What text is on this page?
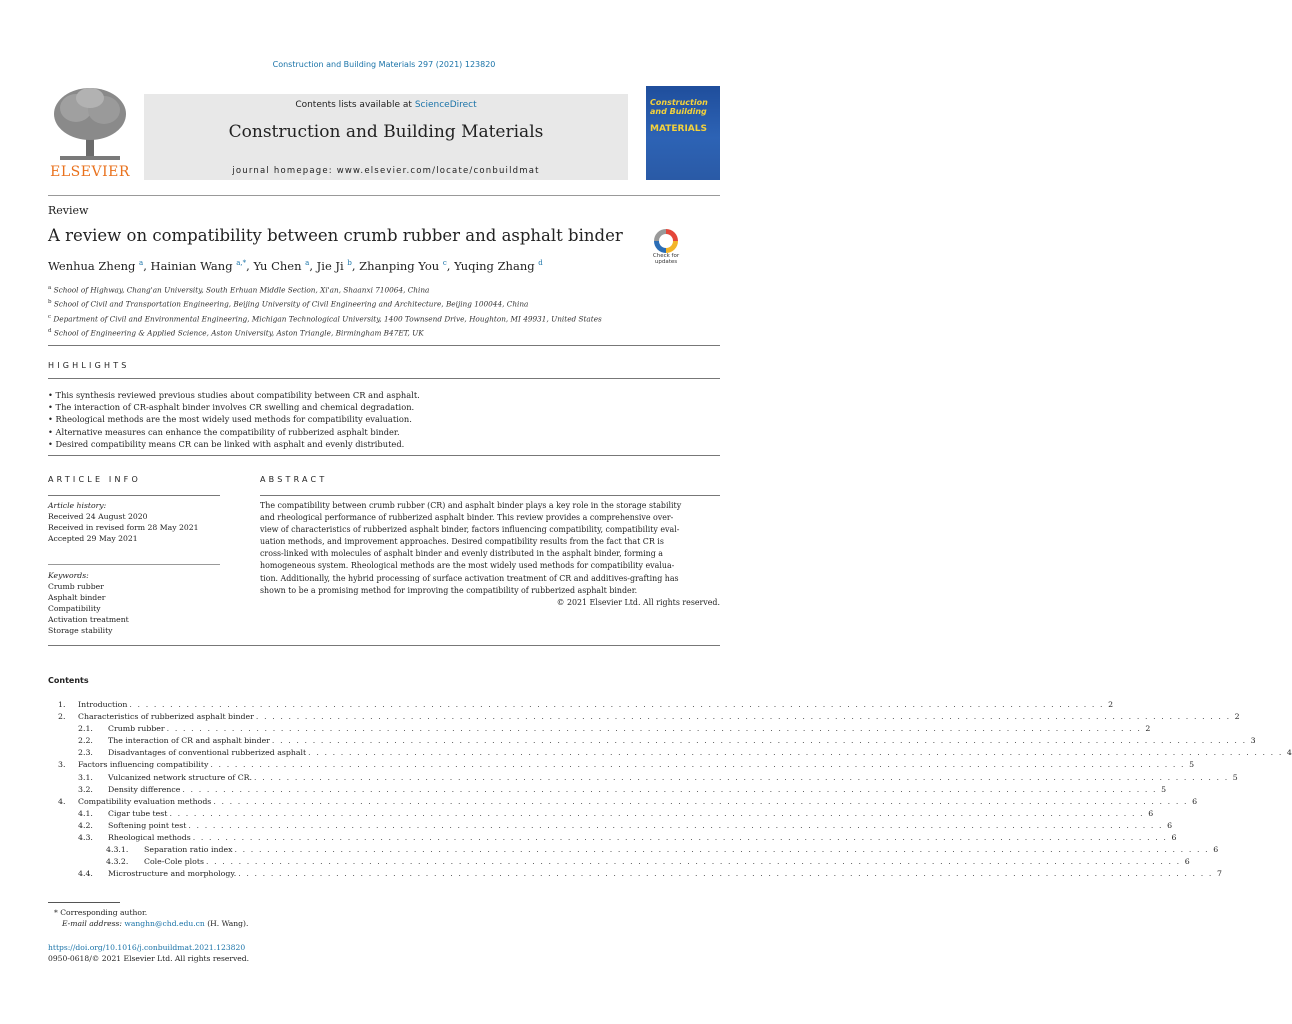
Construction and Building Materials 297 (2021) 123820
ELSEVIER
Contents lists available at ScienceDirect
Construction and Building Materials
journal homepage: www.elsevier.com/locate/conbuildmat
Construction and Building
MATERIALS
Review
A review on compatibility between crumb rubber and asphalt binder
Check for updates
Wenhua Zheng $^a$, Hainian Wang $^{a,*}$, Yu Chen $^a$, Jie Ji $^b$, Zhanping You $^c$, Yuqing Zhang $^d$
$^a$ School of Highway, Chang'an University, South Erhuan Middle Section, Xi'an, Shaanxi 710064, China
$^b$ School of Civil and Transportation Engineering, Beijing University of Civil Engineering and Architecture, Beijing 100044, China
$^c$ Department of Civil and Environmental Engineering, Michigan Technological University, 1400 Townsend Drive, Houghton, MI 49931, United States
$^d$ School of Engineering & Applied Science, Aston University, Aston Triangle, Birmingham B47ET, UK
HIGHLIGHTS
• This synthesis reviewed previous studies about compatibility between CR and asphalt.
• The interaction of CR-asphalt binder involves CR swelling and chemical degradation.
• Rheological methods are the most widely used methods for compatibility evaluation.
• Alternative measures can enhance the compatibility of rubberized asphalt binder.
• Desired compatibility means CR can be linked with asphalt and evenly distributed.
ARTICLE INFO	ABSTRACT
Article history:
Received 24 August 2020
Received in revised form 28 May 2021
Accepted 29 May 2021
Keywords:
Crumb rubber
Asphalt binder
Compatibility
Activation treatment
Storage stability
The compatibility between crumb rubber (CR) and asphalt binder plays a key role in the storage stability
and rheological performance of rubberized asphalt binder. This review provides a comprehensive over-
view of characteristics of rubberized asphalt binder, factors influencing compatibility, compatibility eval-
uation methods, and improvement approaches. Desired compatibility results from the fact that CR is
cross-linked with molecules of asphalt binder and evenly distributed in the asphalt binder, forming a
homogeneous system. Rheological methods are the most widely used methods for compatibility evalua-
tion. Additionally, the hybrid processing of surface activation treatment of CR and additives-grafting has
shown to be a promising method for improving the compatibility of rubberized asphalt binder.
© 2021 Elsevier Ltd. All rights reserved.
Contents
1.	Introduction . . . . . . . . . . . . . . . . . . . . . . . . . . . . . . . . . . . . . . . . . . . . . . . . . . . . . . . . . . . . . . . . . . . . . . . . . . . . . . . . . . . . . . . . . . . . . . . . . . . . . . . . . . . . . . . . . . . . . . . . 2
2.	Characteristics of rubberized asphalt binder . . . . . . . . . . . . . . . . . . . . . . . . . . . . . . . . . . . . . . . . . . . . . . . . . . . . . . . . . . . . . . . . . . . . . . . . . . . . . . . . . . . . . . . . . . . . . . . . . . . . . . . . . . . . . . . . . . . . . . . . 2
2.1.	Crumb rubber . . . . . . . . . . . . . . . . . . . . . . . . . . . . . . . . . . . . . . . . . . . . . . . . . . . . . . . . . . . . . . . . . . . . . . . . . . . . . . . . . . . . . . . . . . . . . . . . . . . . . . . . . . . . . . . . . . . . . . . . 2
2.2.	The interaction of CR and asphalt binder . . . . . . . . . . . . . . . . . . . . . . . . . . . . . . . . . . . . . . . . . . . . . . . . . . . . . . . . . . . . . . . . . . . . . . . . . . . . . . . . . . . . . . . . . . . . . . . . . . . . . . . . . . . . . . . . . . . . . . . . 3
2.3.	Disadvantages of conventional rubberized asphalt . . . . . . . . . . . . . . . . . . . . . . . . . . . . . . . . . . . . . . . . . . . . . . . . . . . . . . . . . . . . . . . . . . . . . . . . . . . . . . . . . . . . . . . . . . . . . . . . . . . . . . . . . . . . . . . . . . . . . . . . 4
3.	Factors influencing compatibility . . . . . . . . . . . . . . . . . . . . . . . . . . . . . . . . . . . . . . . . . . . . . . . . . . . . . . . . . . . . . . . . . . . . . . . . . . . . . . . . . . . . . . . . . . . . . . . . . . . . . . . . . . . . . . . . . . . . . . . . 5
3.1.	Vulcanized network structure of CR. . . . . . . . . . . . . . . . . . . . . . . . . . . . . . . . . . . . . . . . . . . . . . . . . . . . . . . . . . . . . . . . . . . . . . . . . . . . . . . . . . . . . . . . . . . . . . . . . . . . . . . . . . . . . . . . . . . . . . . . . 5
3.2.	Density difference . . . . . . . . . . . . . . . . . . . . . . . . . . . . . . . . . . . . . . . . . . . . . . . . . . . . . . . . . . . . . . . . . . . . . . . . . . . . . . . . . . . . . . . . . . . . . . . . . . . . . . . . . . . . . . . . . . . . . . . . 5
4.	Compatibility evaluation methods . . . . . . . . . . . . . . . . . . . . . . . . . . . . . . . . . . . . . . . . . . . . . . . . . . . . . . . . . . . . . . . . . . . . . . . . . . . . . . . . . . . . . . . . . . . . . . . . . . . . . . . . . . . . . . . . . . . . . . . . 6
4.1.	Cigar tube test . . . . . . . . . . . . . . . . . . . . . . . . . . . . . . . . . . . . . . . . . . . . . . . . . . . . . . . . . . . . . . . . . . . . . . . . . . . . . . . . . . . . . . . . . . . . . . . . . . . . . . . . . . . . . . . . . . . . . . . . 6
4.2.	Softening point test . . . . . . . . . . . . . . . . . . . . . . . . . . . . . . . . . . . . . . . . . . . . . . . . . . . . . . . . . . . . . . . . . . . . . . . . . . . . . . . . . . . . . . . . . . . . . . . . . . . . . . . . . . . . . . . . . . . . . . . . 6
4.3.	Rheological methods . . . . . . . . . . . . . . . . . . . . . . . . . . . . . . . . . . . . . . . . . . . . . . . . . . . . . . . . . . . . . . . . . . . . . . . . . . . . . . . . . . . . . . . . . . . . . . . . . . . . . . . . . . . . . . . . . . . . . . . . 6
4.3.1.	Separation ratio index . . . . . . . . . . . . . . . . . . . . . . . . . . . . . . . . . . . . . . . . . . . . . . . . . . . . . . . . . . . . . . . . . . . . . . . . . . . . . . . . . . . . . . . . . . . . . . . . . . . . . . . . . . . . . . . . . . . . . . . . 6
4.3.2.	Cole-Cole plots . . . . . . . . . . . . . . . . . . . . . . . . . . . . . . . . . . . . . . . . . . . . . . . . . . . . . . . . . . . . . . . . . . . . . . . . . . . . . . . . . . . . . . . . . . . . . . . . . . . . . . . . . . . . . . . . . . . . . . . . 6
4.4.	Microstructure and morphology. . . . . . . . . . . . . . . . . . . . . . . . . . . . . . . . . . . . . . . . . . . . . . . . . . . . . . . . . . . . . . . . . . . . . . . . . . . . . . . . . . . . . . . . . . . . . . . . . . . . . . . . . . . . . . . . . . . . . . . . . 7
* Corresponding author.
E-mail address: wanghn@chd.edu.cn (H. Wang).
https://doi.org/10.1016/j.conbuildmat.2021.123820
0950-0618/© 2021 Elsevier Ltd. All rights reserved.
